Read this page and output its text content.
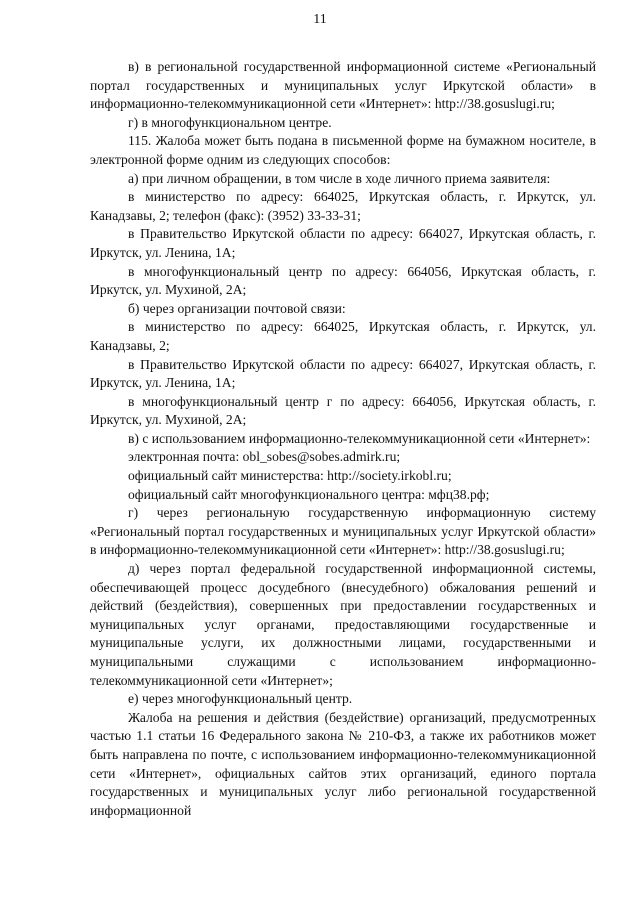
11

в) в региональной государственной информационной системе «Региональный портал государственных и муниципальных услуг Иркутской области» в информационно-телекоммуникационной сети «Интернет»: http://38.gosuslugi.ru;

г) в многофункциональном центре.

115. Жалоба может быть подана в письменной форме на бумажном носителе, в электронной форме одним из следующих способов:

а) при личном обращении, в том числе в ходе личного приема заявителя:

в министерство по адресу: 664025, Иркутская область, г. Иркутск, ул. Канадзавы, 2; телефон (факс): (3952) 33-33-31;

в Правительство Иркутской области по адресу: 664027, Иркутская область, г. Иркутск, ул. Ленина, 1А;

в многофункциональный центр по адресу: 664056, Иркутская область, г. Иркутск, ул. Мухиной, 2А;

б) через организации почтовой связи:

в министерство по адресу: 664025, Иркутская область, г. Иркутск, ул. Канадзавы, 2;

в Правительство Иркутской области по адресу: 664027, Иркутская область, г. Иркутск, ул. Ленина, 1А;

в многофункциональный центр г по адресу: 664056, Иркутская область, г. Иркутск, ул. Мухиной, 2А;

в) с использованием информационно-телекоммуникационной сети «Интернет»:

электронная почта: obl_sobes@sobes.admirk.ru;

официальный сайт министерства: http://society.irkobl.ru;

официальный сайт многофункционального центра: мфц38.рф;

г) через региональную государственную информационную систему «Региональный портал государственных и муниципальных услуг Иркутской области» в информационно-телекоммуникационной сети «Интернет»: http://38.gosuslugi.ru;

д) через портал федеральной государственной информационной системы, обеспечивающей процесс досудебного (внесудебного) обжалования решений и действий (бездействия), совершенных при предоставлении государственных и муниципальных услуг органами, предоставляющими государственные и муниципальные услуги, их должностными лицами, государственными и муниципальными служащими с использованием информационно-телекоммуникационной сети «Интернет»;

е) через многофункциональный центр.

Жалоба на решения и действия (бездействие) организаций, предусмотренных частью 1.1 статьи 16 Федерального закона № 210-ФЗ, а также их работников может быть направлена по почте, с использованием информационно-телекоммуникационной сети «Интернет», официальных сайтов этих организаций, единого портала государственных и муниципальных услуг либо региональной государственной информационной
